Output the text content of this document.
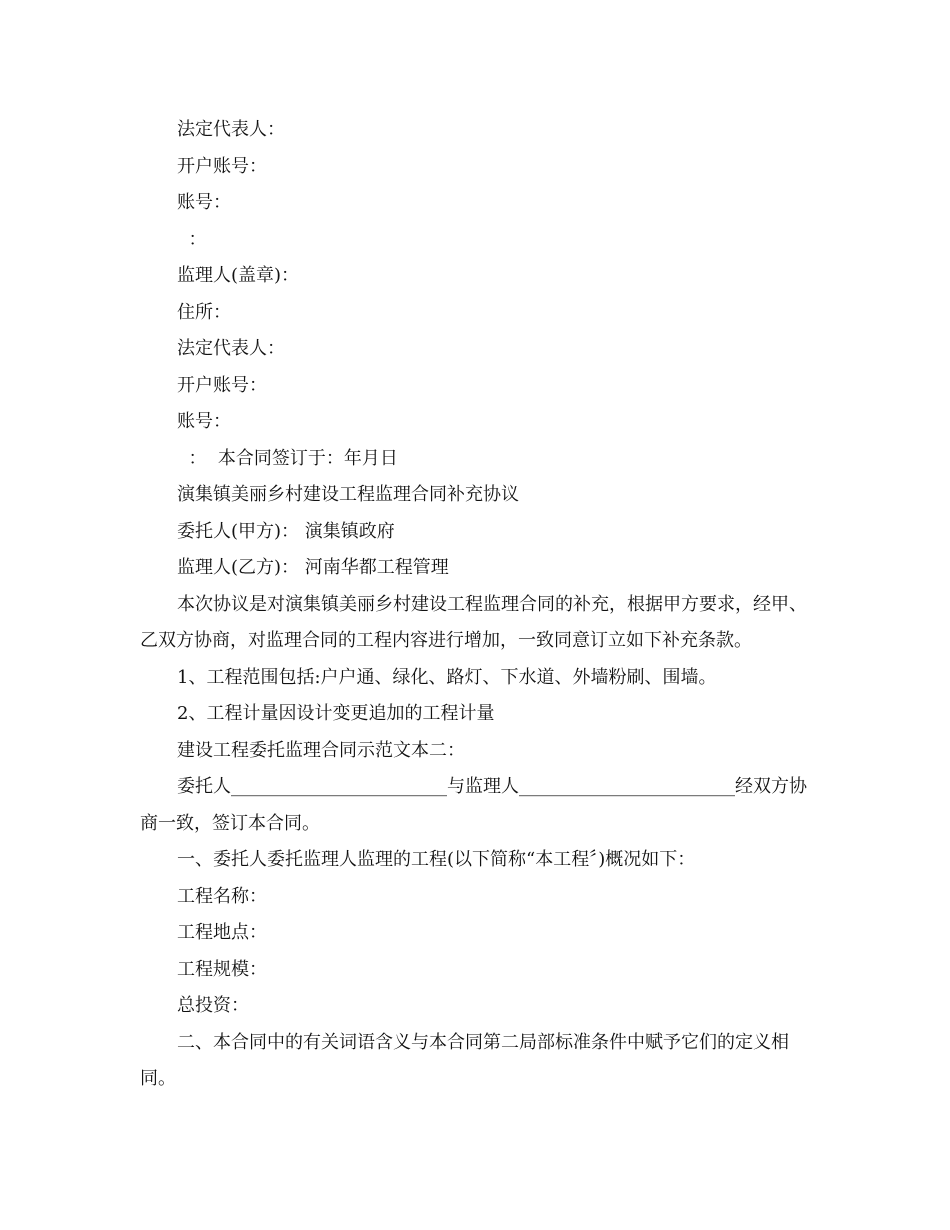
法定代表人：

开户账号：

账号：

：

监理人(盖章)：

住所：

法定代表人：

开户账号：

账号：

：  本合同签订于：年月日

演集镇美丽乡村建设工程监理合同补充协议

委托人(甲方)： 演集镇政府

监理人(乙方)： 河南华都工程管理

本次协议是对演集镇美丽乡村建设工程监理合同的补充，根据甲方要求，经甲、乙双方协商，对监理合同的工程内容进行增加，一致同意订立如下补充条款。

1、工程范围包括:户户通、绿化、路灯、下水道、外墙粉刷、围墙。

2、工程计量因设计变更追加的工程计量

建设工程委托监理合同示范文本二：

委托人________________________与监理人________________________经双方协商一致，签订本合同。

一、委托人委托监理人监理的工程(以下简称“本工程〞)概况如下：

工程名称：

工程地点：

工程规模：

总投资：

二、本合同中的有关词语含义与本合同第二局部标准条件中赋予它们的定义相同。
